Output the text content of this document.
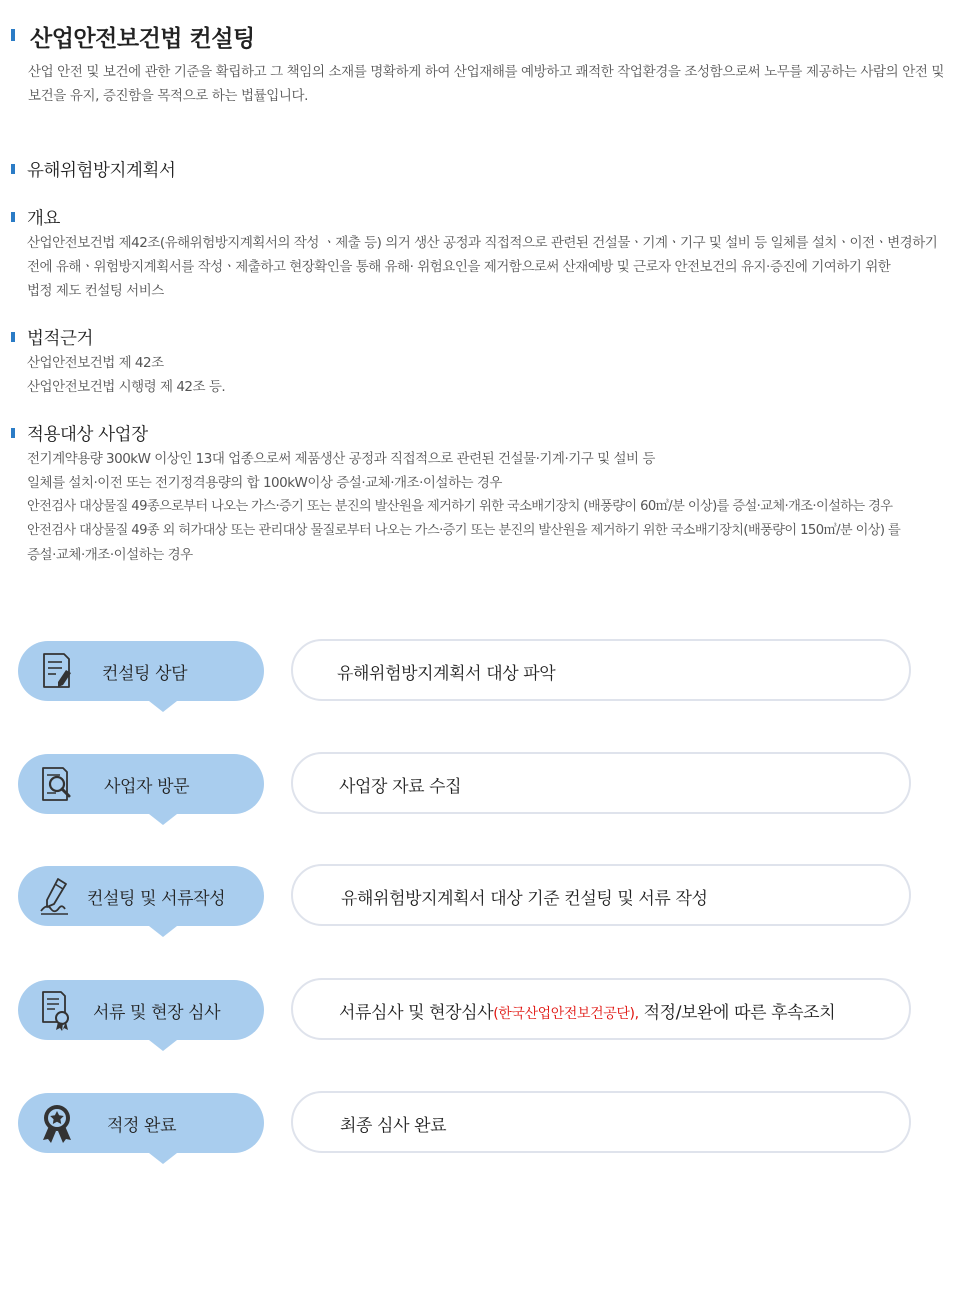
산업안전보건법 컨설팅

산업 안전 및 보건에 관한 기준을 확립하고 그 책임의 소재를 명확하게 하여 산업재해를 예방하고 쾌적한 작업환경을 조성함으로써 노무를 제공하는 사람의 안전 및 보건을 유지, 증진함을 목적으로 하는 법률입니다.

유해위험방지계획서
개요
산업안전보건법 제42조(유해위험방지계획서의 작성 ㆍ제출 등) 의거 생산 공정과 직접적으로 관련된 건설물ㆍ기계ㆍ기구 및 설비 등 일체를 설치ㆍ이전ㆍ변경하기
전에 유해ㆍ위험방지계획서를 작성ㆍ제출하고 현장확인을 통해 유해· 위험요인을 제거함으로써 산재예방 및 근로자 안전보건의 유지·증진에 기여하기 위한
법정 제도 컨설팅 서비스
법적근거
산업안전보건법 제 42조
산업안전보건법 시행령 제 42조 등.
적용대상 사업장
전기계약용량 300kW 이상인 13대 업종으로써 제품생산 공정과 직접적으로 관련된 건설물·기계·기구 및 설비 등
일체를 설치·이전 또는 전기정격용량의 합 100kW이상 증설·교체·개조·이설하는 경우
안전검사 대상물질 49종으로부터 나오는 가스·증기 또는 분진의 발산원을 제거하기 위한 국소배기장치 (배풍량이 60㎥/분 이상)를 증설·교체·개조·이설하는 경우
안전검사 대상물질 49종 외 허가대상 또는 관리대상 물질로부터 나오는 가스·증기 또는 분진의 발산원을 제거하기 위한 국소배기장치(배풍량이 150㎥/분 이상) 를
증설·교체·개조·이설하는 경우
컨설팅 상담	유해위험방지계획서 대상 파악
사업자 방문	사업장 자료 수집
컨설팅 및 서류작성	유해위험방지계획서 대상 기준 컨설팅 및 서류 작성
서류 및 현장 심사	서류심사 및 현장심사(한국산업안전보건공단), 적정/보완에 따른 후속조치
적정 완료	최종 심사 완료
